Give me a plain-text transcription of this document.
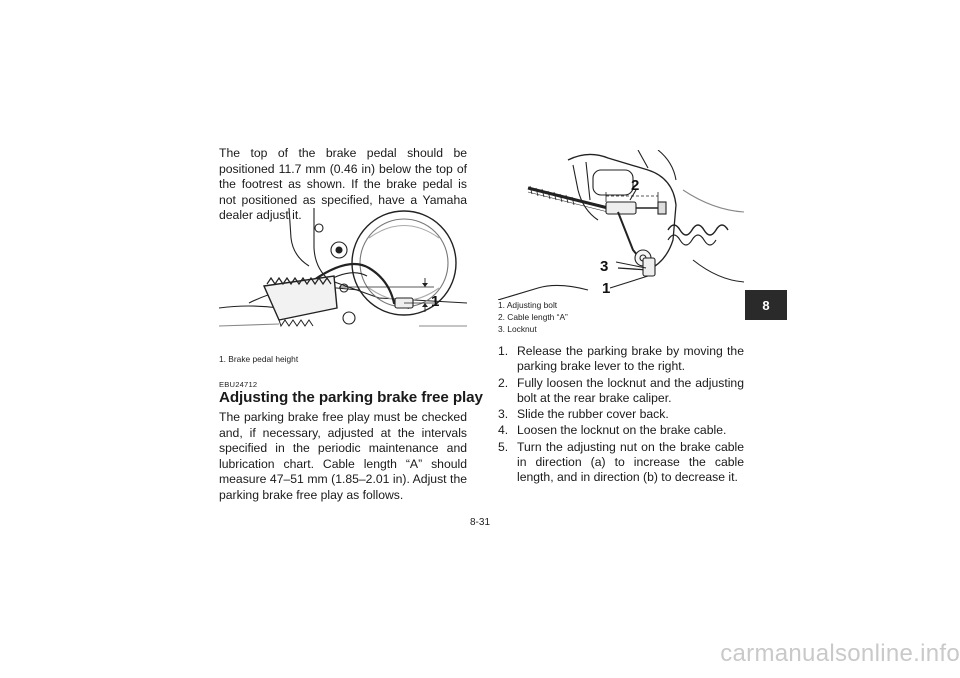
The top of the brake pedal should be positioned 11.7 mm (0.46 in) below the top of the footrest as shown. If the brake pedal is not positioned as specified, have a Yamaha dealer adjust it.
1
1. Brake pedal height
EBU24712
Adjusting the parking brake free play
The parking brake free play must be checked and, if necessary, adjusted at the intervals specified in the periodic maintenance and lubrication chart. Cable length “A” should measure 47–51 mm (1.85–2.01 in). Adjust the parking brake free play as follows.
2
3
1
1. Adjusting bolt
2. Cable length “A”
3. Locknut
1. Release the parking brake by moving the parking brake lever to the right.
2. Fully loosen the locknut and the adjusting bolt at the rear brake caliper.
3. Slide the rubber cover back.
4. Loosen the locknut on the brake cable.
5. Turn the adjusting nut on the brake cable in direction (a) to increase the cable length, and in direction (b) to decrease it.
8
8-31
carmanualsonline.info
